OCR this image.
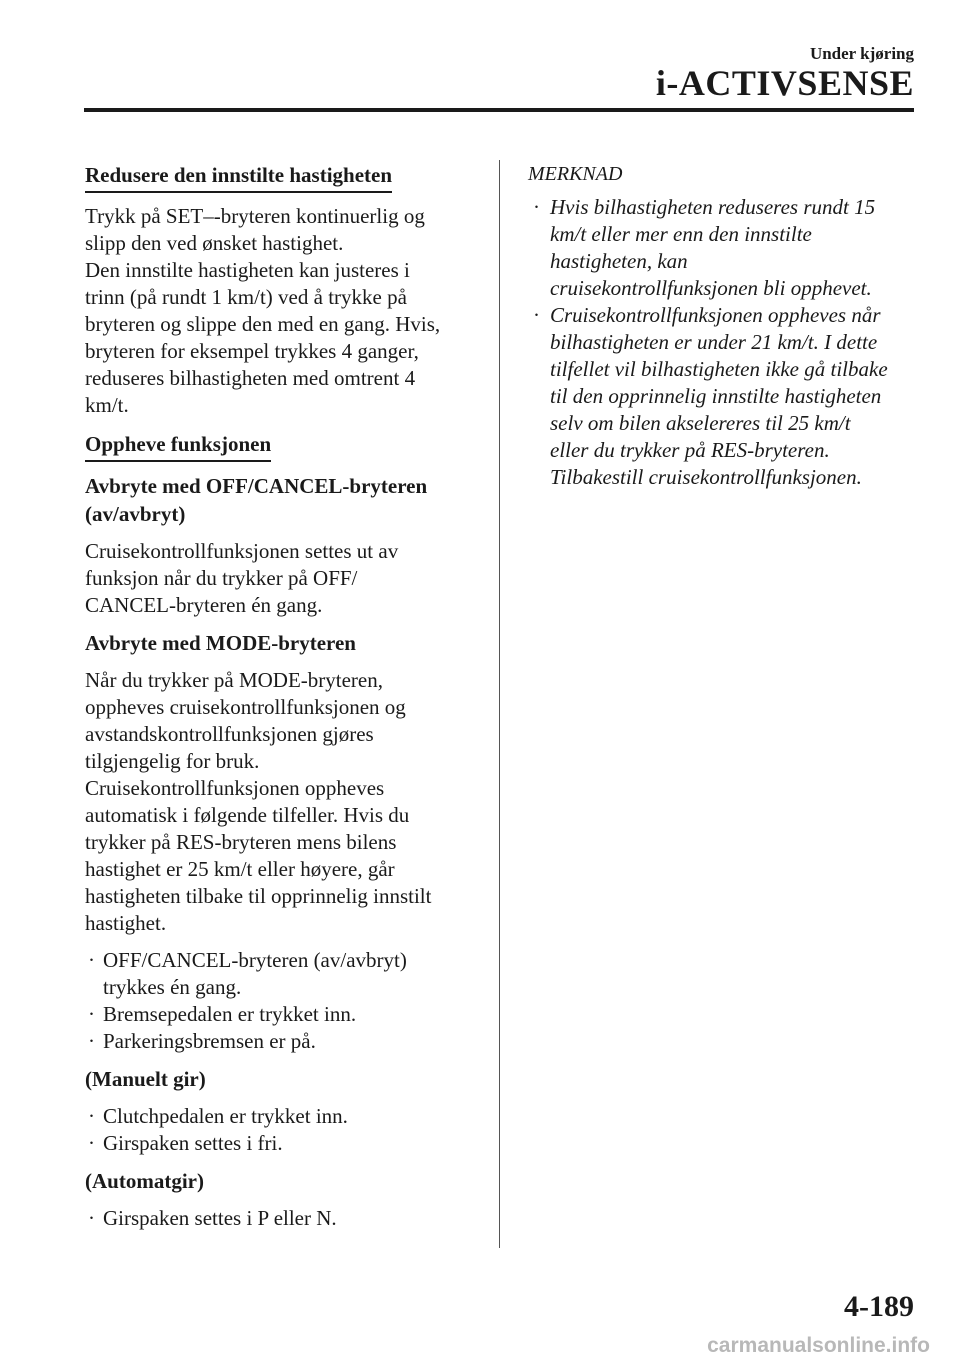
Under kjøring
i-ACTIVSENSE
Redusere den innstilte hastigheten
Trykk på SET‒-bryteren kontinuerlig og
slipp den ved ønsket hastighet.
Den innstilte hastigheten kan justeres i
trinn (på rundt 1 km/t) ved å trykke på
bryteren og slippe den med en gang. Hvis,
bryteren for eksempel trykkes 4 ganger,
reduseres bilhastigheten med omtrent 4
km/t.
Oppheve funksjonen
Avbryte med OFF/CANCEL-bryteren
(av/avbryt)
Cruisekontrollfunksjonen settes ut av
funksjon når du trykker på OFF/
CANCEL-bryteren én gang.
Avbryte med MODE-bryteren
Når du trykker på MODE-bryteren,
oppheves cruisekontrollfunksjonen og
avstandskontrollfunksjonen gjøres
tilgjengelig for bruk.
Cruisekontrollfunksjonen oppheves
automatisk i følgende tilfeller. Hvis du
trykker på RES-bryteren mens bilens
hastighet er 25 km/t eller høyere, går
hastigheten tilbake til opprinnelig innstilt
hastighet.
· OFF/CANCEL-bryteren (av/avbryt)
trykkes én gang.
· Bremsepedalen er trykket inn.
· Parkeringsbremsen er på.
(Manuelt gir)
· Clutchpedalen er trykket inn.
· Girspaken settes i fri.
(Automatgir)
· Girspaken settes i P eller N.
MERKNAD
· Hvis bilhastigheten reduseres rundt 15
km/t eller mer enn den innstilte
hastigheten, kan
cruisekontrollfunksjonen bli opphevet.
· Cruisekontrollfunksjonen oppheves når
bilhastigheten er under 21 km/t. I dette
tilfellet vil bilhastigheten ikke gå tilbake
til den opprinnelig innstilte hastigheten
selv om bilen akselereres til 25 km/t
eller du trykker på RES-bryteren.
Tilbakestill cruisekontrollfunksjonen.
4-189
carmanualsonline.info
